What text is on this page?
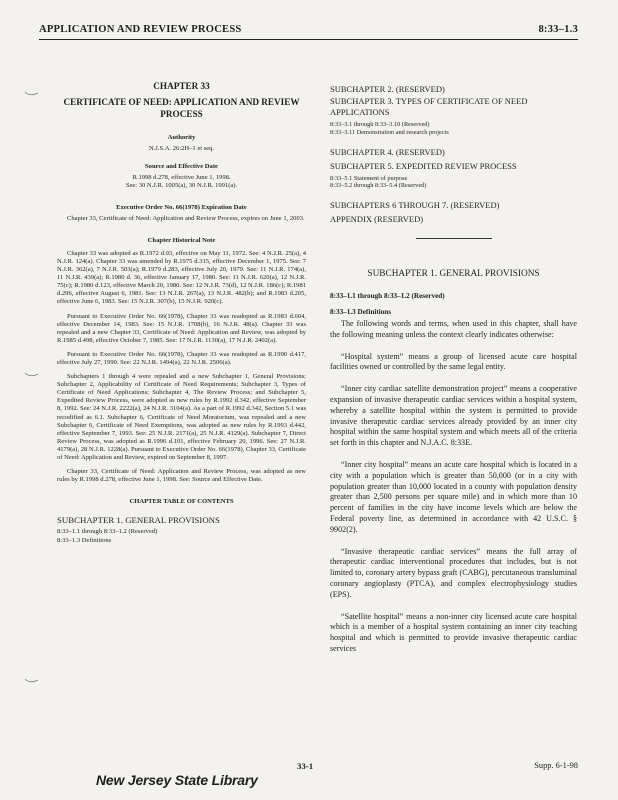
APPLICATION AND REVIEW PROCESS	8:33–1.3

CHAPTER 33

CERTIFICATE OF NEED: APPLICATION AND REVIEW PROCESS

Authority

N.J.S.A. 26:2H–1 et seq.

Source and Effective Date

R.1998 d.278, effective June 1, 1998.

See: 30 N.J.R. 1005(a), 30 N.J.R. 1991(a).

Executive Order No. 66(1978) Expiration Date

Chapter 33, Certificate of Need: Application and Review Process, expires on June 1, 2003.

Chapter Historical Note

Chapter 33 was adopted as R.1972 d.93, effective on May 11, 1972. See: 4 N.J.R. 25(a), 4 N.J.R. 124(a). Chapter 33 was amended by R.1975 d.315, effective December 1, 1975. See: 7 N.J.R. 362(a), 7 N.J.R. 503(a); R.1979 d.283, effective July 20, 1979. See: 11 N.J.R. 174(a), 11 N.J.R. 439(a); R.1980 d. 36, effective January 17, 1980. See: 11 N.J.R. 620(a), 12 N.J.R. 75(c); R.1980 d.123, effective March 20, 1980. See: 12 N.J.R. 73(d), 12 N.J.R. 186(c); R.1981 d.296, effective August 6, 1981. See: 13 N.J.R. 267(a), 13 N.J.R. 482(b); and R.1983 d.205, effective June 6, 1983. See: 15 N.J.R. 307(b), 15 N.J.R. 920(c).

Pursuant to Executive Order No. 66(1978), Chapter 33 was readopted as R.1983 d.604, effective December 14, 1983. See: 15 N.J.R. 1708(b), 16 N.J.R. 48(a). Chapter 33 was repealed and a new Chapter 33, Certificate of Need: Application and Review, was adopted by R.1985 d.498, effective October 7, 1985. See: 17 N.J.R. 1130(a), 17 N.J.R. 2402(a).

Pursuant to Executive Order No. 66(1978), Chapter 33 was readopted as R.1990 d.417, effective July 27, 1990. See: 22 N.J.R. 1494(a), 22 N.J.R. 2506(a).

Subchapters 1 through 4 were repealed and a new Subchapter 1, General Provisions; Subchapter 2, Applicability of Certificate of Need Requirements; Subchapter 3, Types of Certificate of Need Applications; Subchapter 4, The Review Process; and Subchapter 5, Expedited Review Process, were adopted as new rules by R.1992 d.342, effective September 8, 1992. See: 24 N.J.R. 2222(a), 24 N.J.R. 3104(a). As a part of R.1992 d.342, Section 5.1 was recodified as 6.1. Subchapter 6, Certificate of Need Moratorium, was repealed and a new Subchapter 6, Certificate of Need Exemptions, was adopted as new rules by R.1993 d.442, effective September 7, 1993. See: 25 N.J.R. 2171(a), 25 N.J.R. 4129(a). Subchapter 7, Direct Review Process, was adopted as R.1996 d.101, effective February 20, 1996. See: 27 N.J.R. 4179(a), 28 N.J.R. 1228(a). Pursuant to Executive Order No. 66(1978), Chapter 33, Certificate of Need: Application and Review, expired on September 8, 1997.

Chapter 33, Certificate of Need: Application and Review Process, was adopted as new rules by R.1998 d.278, effective June 1, 1998. See: Source and Effective Date.

CHAPTER TABLE OF CONTENTS

SUBCHAPTER 1. GENERAL PROVISIONS

8:33–1.1 through 8:33–1.2 (Reserved)

8:33–1.3 Definitions

SUBCHAPTER 2. (RESERVED)

SUBCHAPTER 3. TYPES OF CERTIFICATE OF NEED APPLICATIONS

8:33–3.1 through 8:33–3.10 (Reserved)

8:33–3.11 Demonstration and research projects

SUBCHAPTER 4. (RESERVED)

SUBCHAPTER 5. EXPEDITED REVIEW PROCESS

8:33–5.1 Statement of purpose

8:33–5.2 through 8:33–5.4 (Reserved)

SUBCHAPTERS 6 THROUGH 7. (RESERVED)

APPENDIX (RESERVED)

SUBCHAPTER 1. GENERAL PROVISIONS

8:33–1.1 through 8:33–1.2 (Reserved)

8:33–1.3 Definitions

The following words and terms, when used in this chapter, shall have the following meaning unless the context clearly indicates otherwise:

“Hospital system” means a group of licensed acute care hospital facilities owned or controlled by the same legal entity.

“Inner city cardiac satellite demonstration project” means a cooperative expansion of invasive therapeutic cardiac services within a hospital system, whereby a satellite hospital within the system is permitted to provide invasive therapeutic cardiac services already provided by an inner city hospital within the same hospital system and which meets all of the criteria set forth in this chapter and N.J.A.C. 8:33E.

“Inner city hospital” means an acute care hospital which is located in a city with a population which is greater than 50,000 (or in a city with population greater than 10,000 located in a county with population density greater than 2,500 persons per square mile) and in which more than 10 percent of families in the city have income levels which are below the Federal poverty line, as determined in accordance with 42 U.S.C. § 9902(2).

“Invasive therapeutic cardiac services” means the full array of therapeutic cardiac interventional procedures that includes, but is not limited to, coronary artery bypass graft (CABG), percutaneous transluminal coronary angioplasty (PTCA), and complex electrophysiology studies (EPS).

“Satellite hospital” means a non-inner city licensed acute care hospital which is a member of a hospital system containing an inner city teaching hospital and which is permitted to provide invasive therapeutic cardiac services

33-1	Supp. 6-1-98
New Jersey State Library
